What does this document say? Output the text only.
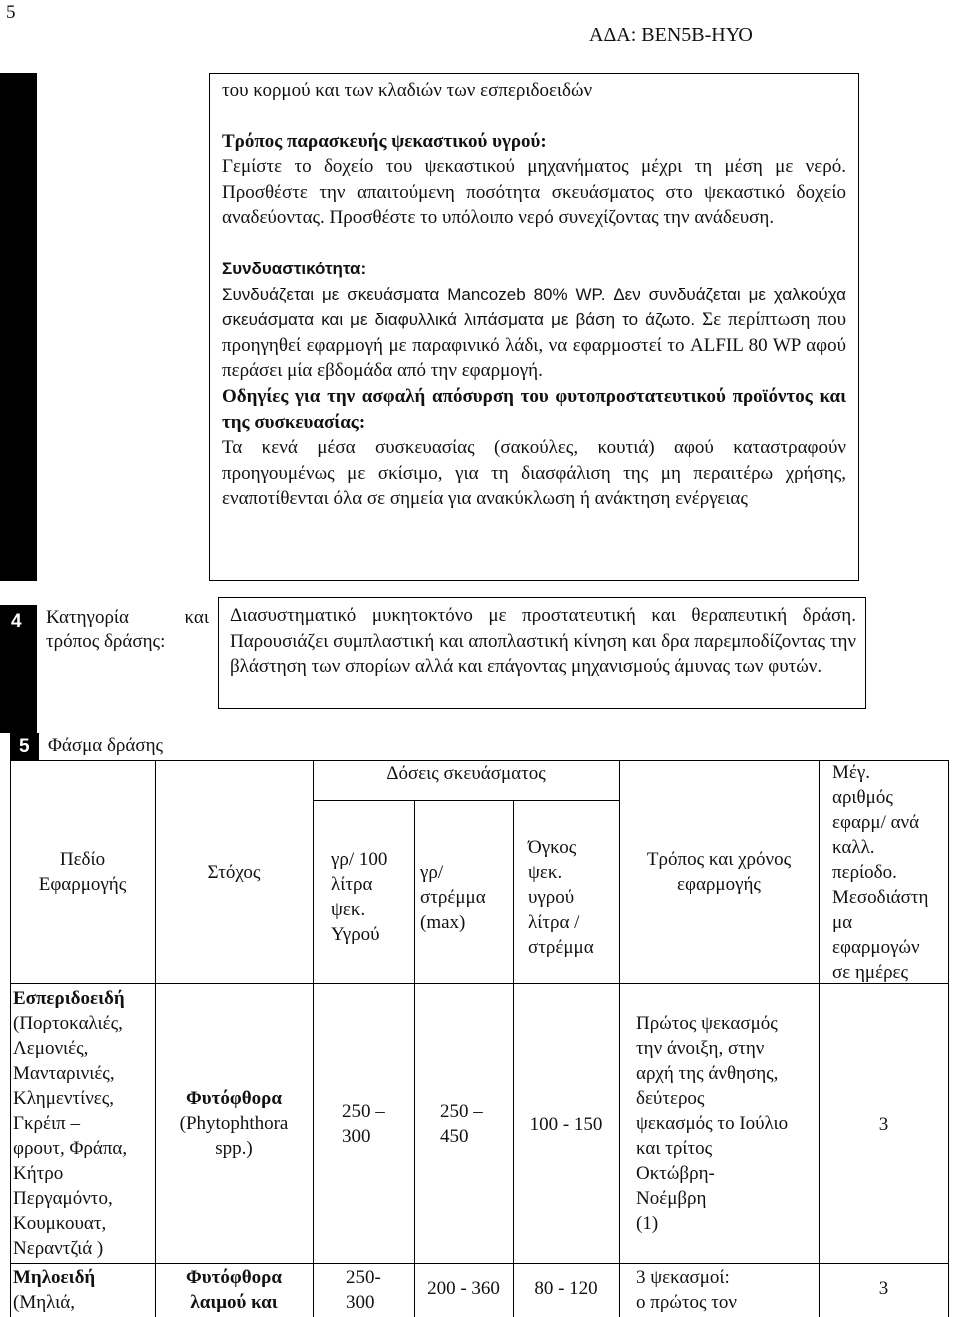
5
ΑΔΑ: ΒΕΝ5Β-ΗΥΟ

του κορμού και των κλαδιών των εσπεριδοειδών

Τρόπος παρασκευής ψεκαστικού υγρού:

Γεμίστε το δοχείο του ψεκαστικού μηχανήματος μέχρι τη μέση με νερό. Προσθέστε την απαιτούμενη ποσότητα σκευάσματος στο ψεκαστικό δοχείο αναδεύοντας. Προσθέστε το υπόλοιπο νερό συνεχίζοντας την ανάδευση.

Συνδυαστικότητα:

Συνδυάζεται με σκευάσματα Mancozeb 80% WP. Δεν συνδυάζεται με χαλκούχα σκευάσματα και με διαφυλλικά λιπάσματα με βάση το άζωτο. Σε περίπτωση που προηγηθεί εφαρμογή με παραφινικό λάδι, να εφαρμοστεί το ALFIL 80 WP αφού περάσει μία εβδομάδα από την εφαρμογή.

Οδηγίες για την ασφαλή απόσυρση του φυτοπροστατευτικού προϊόντος και της συσκευασίας:

Τα κενά μέσα συσκευασίας (σακούλες, κουτιά) αφού καταστραφούν προηγουμένως με σκίσιμο, για τη διασφάλιση της μη περαιτέρω χρήσης, εναποτίθενται όλα σε σημεία για ανακύκλωση ή ανάκτηση ενέργειας

4 Κατηγορία	και
τρόπος δράσης:
Διασυστηματικό μυκητοκτόνο με προστατευτική και θεραπευτική δράση. Παρουσιάζει συμπλαστική και αποπλαστική κίνηση και δρα παρεμποδίζοντας την βλάστηση των σπορίων αλλά και επάγοντας μηχανισμούς άμυνας των φυτών.
5 Φάσμα δράσης
Δόσεις σκευάσματος
Πεδίο
Εφαρμογής
Στόχος
γρ/ 100
λίτρα
ψεκ.
Υγρού
γρ/
στρέμμα
(max)
Όγκος
ψεκ.
υγρού
λίτρα /
στρέμμα
Τρόπος και χρόνος
εφαρμογής
Μέγ.
αριθμός
εφαρμ/ ανά
καλλ.
περίοδο.
Μεσοδιάστη
μα
εφαρμογών
σε ημέρες
Εσπεριδοειδή
(Πορτοκαλιές,
Λεμονιές,
Μανταρινιές,
Κλημεντίνες,
Γκρέιπ –
φρουτ, Φράπα,
Κήτρο
Περγαμόντο,
Κουμκουατ,
Νεραντζιά )
Φυτόφθορα
(Phytophthora
spp.)
250 –
300
250 –
450
100 - 150
Πρώτος ψεκασμός
την άνοιξη, στην
αρχή της άνθησης,
δεύτερος
ψεκασμός το Ιούλιο
και τρίτος
Οκτώβρη-
Νοέμβρη
(1)
3
Μηλοειδή
(Μηλιά,
Φυτόφθορα
λαιμού και
250-
300
200 - 360	80 - 120
3 ψεκασμοί:
ο πρώτος τον
3
